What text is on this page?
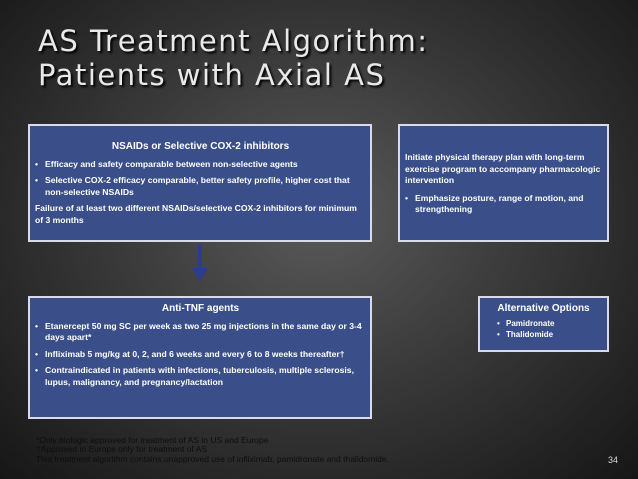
AS Treatment Algorithm:
Patients with Axial AS
NSAIDs or Selective COX-2 inhibitors
• Efficacy and safety comparable between non-selective agents
• Selective COX-2 efficacy comparable, better safety profile, higher cost that non-selective NSAIDs
Failure of at least two different NSAIDs/selective COX-2 inhibitors for minimum of 3 months
Initiate physical therapy plan with long-term exercise program to accompany pharmacologic intervention
• Emphasize posture, range of motion, and strengthening
Anti-TNF agents
• Etanercept 50 mg SC per week as two 25 mg injections in the same day or 3-4 days apart*
• Infliximab 5 mg/kg at 0, 2, and 6 weeks and every 6 to 8 weeks thereafter†
• Contraindicated in patients with infections, tuberculosis, multiple sclerosis, lupus, malignancy, and pregnancy/lactation
Alternative Options
• Pamidronate
• Thalidomide
*Only biologic approved for treatment of AS in US and Europe
†Approved in Europe only for treatment of AS
This treatment algorithm contains unapproved use of infliximab, pamidronate and thalidomide.	34
